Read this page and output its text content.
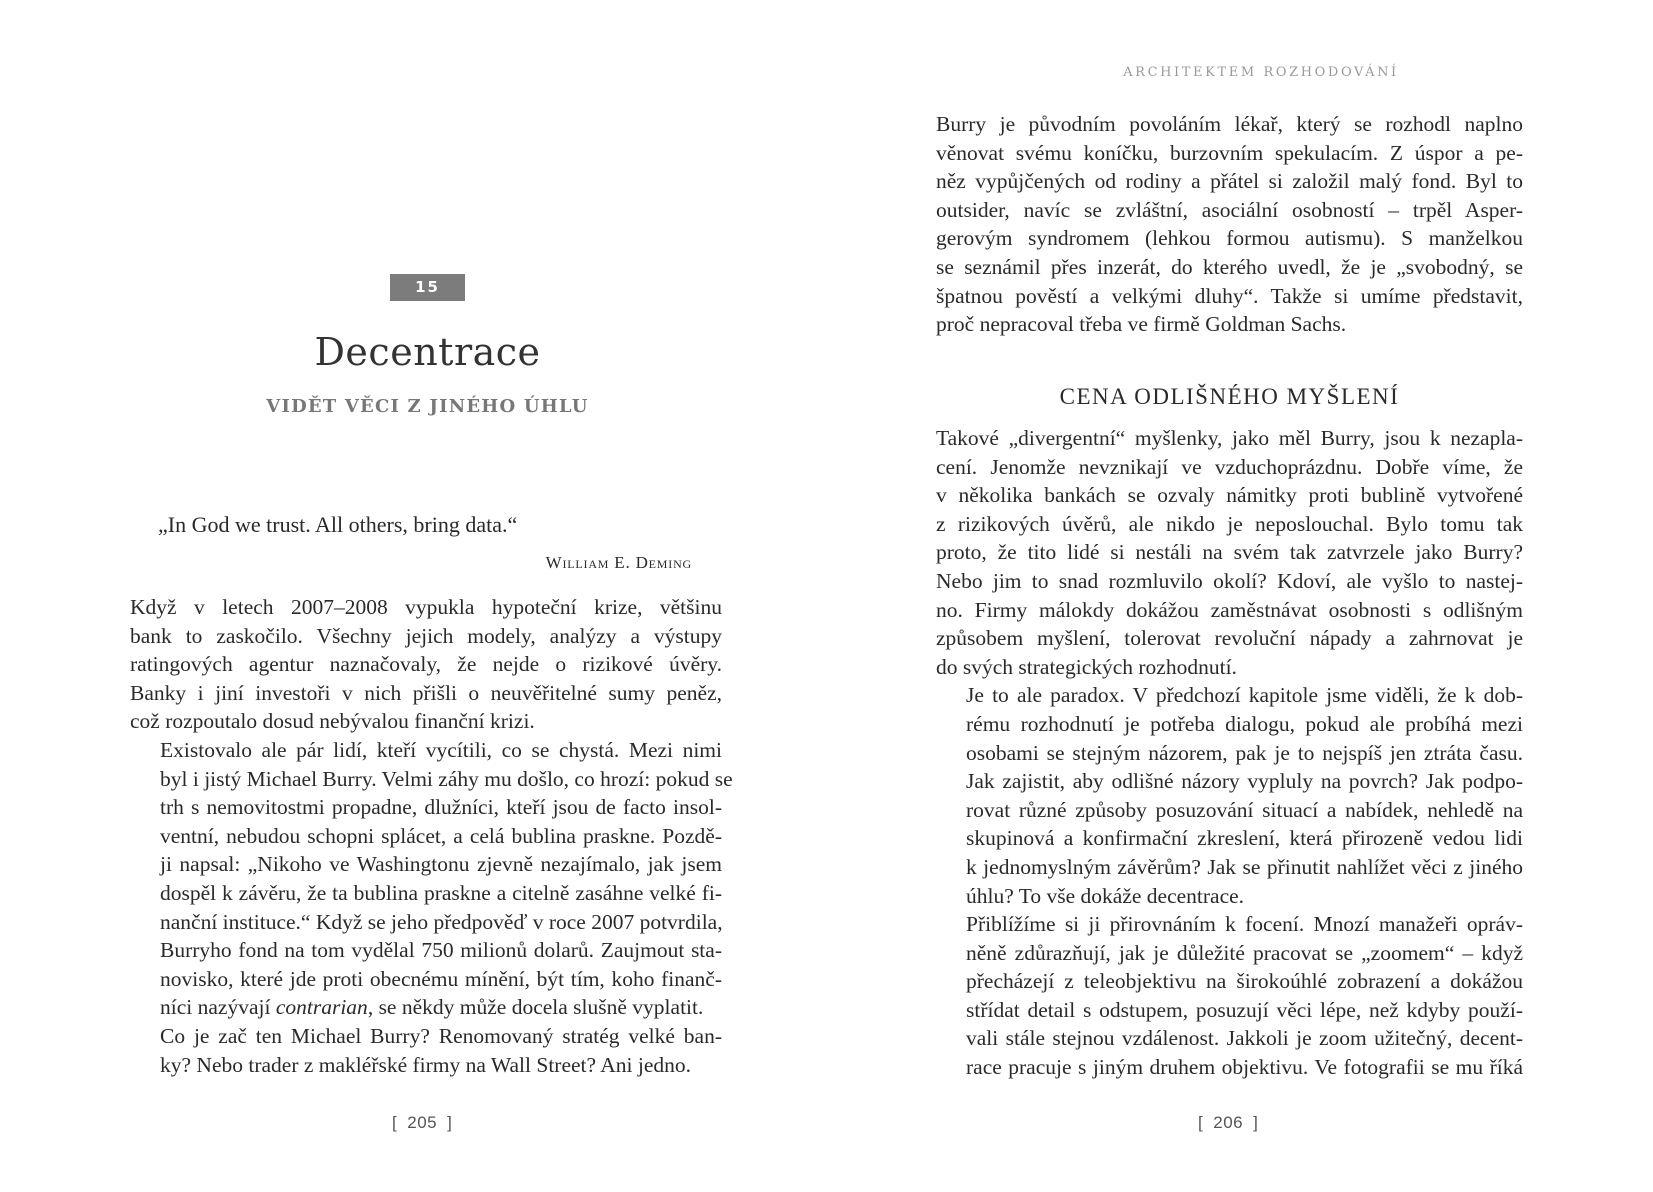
15
Decentrace
VIDĚT VĚCI Z JINÉHO ÚHLU
„In God we trust. All others, bring data.“
William E. Deming

Když v letech 2007–2008 vypukla hypoteční krize, většinu
bank to zaskočilo. Všechny jejich modely, analýzy a výstupy
ratingových agentur naznačovaly, že nejde o rizikové úvěry.
Banky i jiní investoři v nich přišli o neuvěřitelné sumy peněz,
což rozpoutalo dosud nebývalou finanční krizi.

Existovalo ale pár lidí, kteří vycítili, co se chystá. Mezi nimi
byl i jistý Michael Burry. Velmi záhy mu došlo, co hrozí: pokud se
trh s nemovitostmi propadne, dlužníci, kteří jsou de facto insol-
ventní, nebudou schopni splácet, a celá bublina praskne. Pozdě-
ji napsal: „Nikoho ve Washingtonu zjevně nezajímalo, jak jsem
dospěl k závěru, že ta bublina praskne a citelně zasáhne velké fi-
nanční instituce.“ Když se jeho předpověď v roce 2007 potvrdila,
Burryho fond na tom vydělal 750 milionů dolarů. Zaujmout sta-
novisko, které jde proti obecnému mínění, být tím, koho finanč-
níci nazývají contrarian, se někdy může docela slušně vyplatit.

Co je zač ten Michael Burry? Renomovaný stratég velké ban-
ky? Nebo trader z makléřské firmy na Wall Street? Ani jedno.

[ 205 ]
ARCHITEKTEM ROZHODOVÁNÍ

Burry je původním povoláním lékař, který se rozhodl naplno
věnovat svému koníčku, burzovním spekulacím. Z úspor a pe-
něz vypůjčených od rodiny a přátel si založil malý fond. Byl to
outsider, navíc se zvláštní, asociální osobností – trpěl Asper-
gerovým syndromem (lehkou formou autismu). S manželkou
se seznámil přes inzerát, do kterého uvedl, že je „svobodný, se
špatnou pověstí a velkými dluhy“. Takže si umíme představit,
proč nepracoval třeba ve firmě Goldman Sachs.

CENA ODLIŠNÉHO MYŠLENÍ

Takové „divergentní“ myšlenky, jako měl Burry, jsou k nezapla-
cení. Jenomže nevznikají ve vzduchoprázdnu. Dobře víme, že
v několika bankách se ozvaly námitky proti bublině vytvořené
z rizikových úvěrů, ale nikdo je neposlouchal. Bylo tomu tak
proto, že tito lidé si nestáli na svém tak zatvrzele jako Burry?
Nebo jim to snad rozmluvilo okolí? Kdoví, ale vyšlo to nastej-
no. Firmy málokdy dokážou zaměstnávat osobnosti s odlišným
způsobem myšlení, tolerovat revoluční nápady a zahrnovat je
do svých strategických rozhodnutí.

Je to ale paradox. V předchozí kapitole jsme viděli, že k dob-
rému rozhodnutí je potřeba dialogu, pokud ale probíhá mezi
osobami se stejným názorem, pak je to nejspíš jen ztráta času.
Jak zajistit, aby odlišné názory vypluly na povrch? Jak podpo-
rovat různé způsoby posuzování situací a nabídek, nehledě na
skupinová a konfirmační zkreslení, která přirozeně vedou lidi
k jednomyslným závěrům? Jak se přinutit nahlížet věci z jiného
úhlu? To vše dokáže decentrace.

Přiblížíme si ji přirovnáním k focení. Mnozí manažeři opráv-
něně zdůrazňují, jak je důležité pracovat se „zoomem“ – když
přecházejí z teleobjektivu na širokoúhlé zobrazení a dokážou
střídat detail s odstupem, posuzují věci lépe, než kdyby použí-
vali stále stejnou vzdálenost. Jakkoli je zoom užitečný, decent-
race pracuje s jiným druhem objektivu. Ve fotografii se mu říká

[ 206 ]
